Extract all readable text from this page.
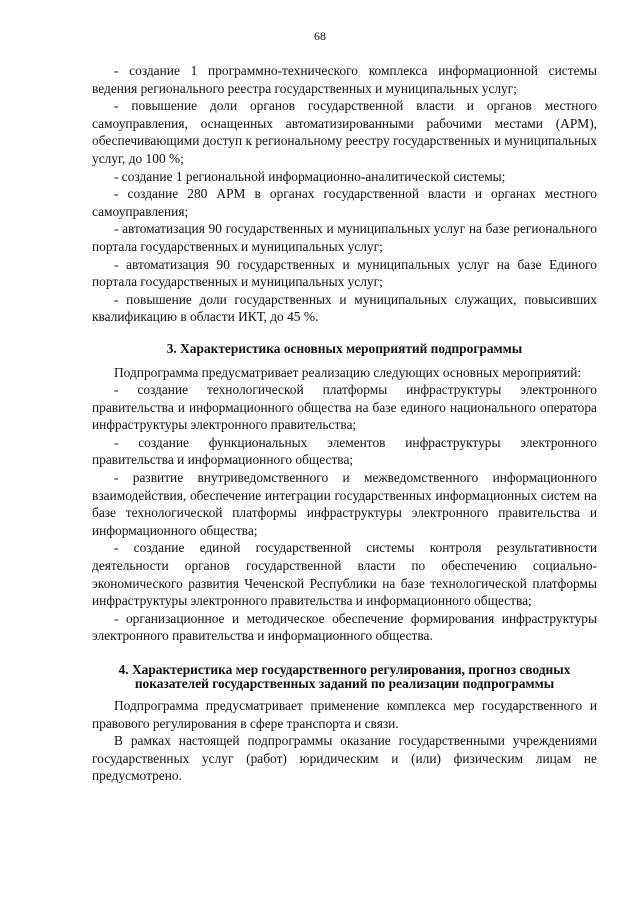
68

- создание 1 программно-технического комплекса информационной системы ведения регионального реестра государственных и муниципальных услуг;

- повышение доли органов государственной власти и органов местного самоуправления, оснащенных автоматизированными рабочими местами (АРМ), обеспечивающими доступ к региональному реестру государственных и муниципальных услуг, до 100 %;

- создание 1 региональной информационно-аналитической системы;

- создание 280 АРМ в органах государственной власти и органах местного самоуправления;

- автоматизация 90 государственных и муниципальных услуг на базе регионального портала государственных и муниципальных услуг;

- автоматизация 90 государственных и муниципальных услуг на базе Единого портала государственных и муниципальных услуг;

- повышение доли государственных и муниципальных служащих, повысивших квалификацию в области ИКТ, до 45 %.

3. Характеристика основных мероприятий подпрограммы

Подпрограмма предусматривает реализацию следующих основных мероприятий:

- создание технологической платформы инфраструктуры электронного правительства и информационного общества на базе единого национального оператора инфраструктуры электронного правительства;

- создание функциональных элементов инфраструктуры электронного правительства и информационного общества;

- развитие внутриведомственного и межведомственного информационного взаимодействия, обеспечение интеграции государственных информационных систем на базе технологической платформы инфраструктуры электронного правительства и информационного общества;

- создание единой государственной системы контроля результативности деятельности органов государственной власти по обеспечению социально-экономического развития Чеченской Республики на базе технологической платформы инфраструктуры электронного правительства и информационного общества;

- организационное и методическое обеспечение формирования инфраструктуры электронного правительства и информационного общества.

4. Характеристика мер государственного регулирования, прогноз сводных показателей государственных заданий по реализации подпрограммы

Подпрограмма предусматривает применение комплекса мер государственного и правового регулирования в сфере транспорта и связи.

В рамках настоящей подпрограммы оказание государственными учреждениями государственных услуг (работ) юридическим и (или) физическим лицам не предусмотрено.
